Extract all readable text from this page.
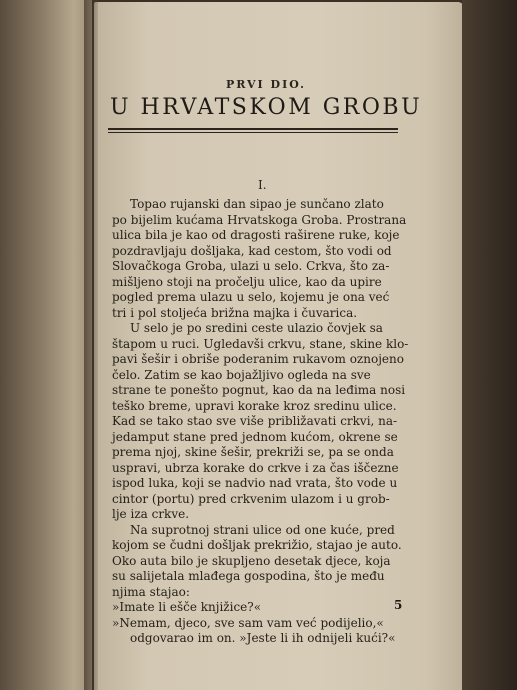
PRVI DIO.
U HRVATSKOM GROBU
I.
Topao rujanski dan sipao je sunčano zlato
po bijelim kućama Hrvatskoga Groba. Prostrana
ulica bila je kao od dragosti raširene ruke, koje
pozdravljaju došljaka, kad cestom, što vodi od
Slovačkoga Groba, ulazi u selo. Crkva, što za-
mišljeno stoji na pročelju ulice, kao da upire
pogled prema ulazu u selo, kojemu je ona već
tri i pol stoljeća brižna majka i čuvarica.
U selo je po sredini ceste ulazio čovjek sa
štapom u ruci. Ugledavši crkvu, stane, skine klo-
pavi šešir i obriše poderanim rukavom oznojeno
čelo. Zatim se kao bojažljivo ogleda na sve
strane te ponešto pognut, kao da na leđima nosi
teško breme, upravi korake kroz sredinu ulice.
Kad se tako stao sve više približavati crkvi, na-
jedamput stane pred jednom kućom, okrene se
prema njoj, skine šešir, prekriži se, pa se onda
uspravi, ubrza korake do crkve i za čas iščezne
ispod luka, koji se nadvio nad vrata, što vode u
cintor (portu) pred crkvenim ulazom i u grob-
lje iza crkve.
Na suprotnoj strani ulice od one kuće, pred
kojom se čudni došljak prekrižio, stajao je auto.
Oko auta bilo je skupljeno desetak djece, koja
su salijetala mlađega gospodina, što je među
njima stajao:
»Imate li ešče knjižice?«
»Nemam, djeco, sve sam vam već podijelio,«
odgovarao im on. »Jeste li ih odnijeli kući?«
5
